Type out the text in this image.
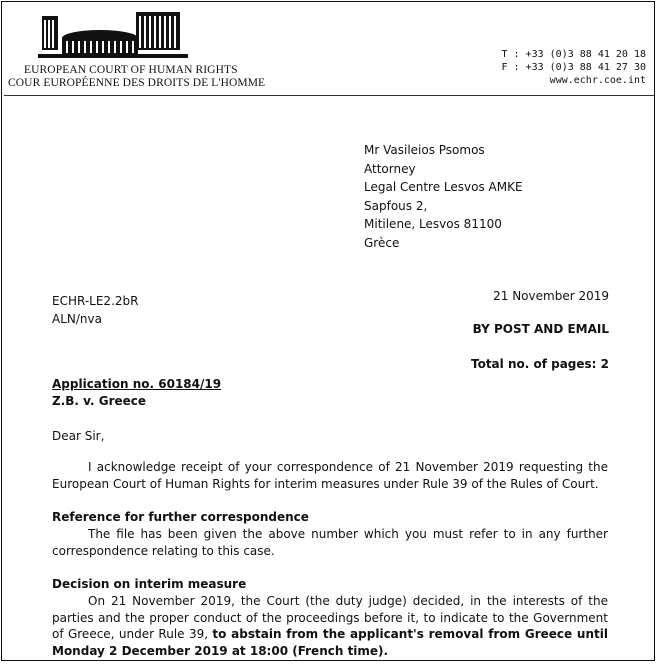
EUROPEAN COURT OF HUMAN RIGHTS
COUR EUROPÉENNE DES DROITS DE L'HOMME
T : +33 (0)3 88 41 20 18
F : +33 (0)3 88 41 27 30
www.echr.coe.int
Mr Vasileios Psomos
Attorney
Legal Centre Lesvos AMKE
Sapfous 2,
Mitilene, Lesvos 81100
Grèce
ECHR-LE2.2bR
ALN/nva
21 November 2019
BY POST AND EMAIL
Total no. of pages: 2
Application no. 60184/19
Z.B. v. Greece
Dear Sir,
I acknowledge receipt of your correspondence of 21 November 2019 requesting the European Court of Human Rights for interim measures under Rule 39 of the Rules of Court.
Reference for further correspondence
The file has been given the above number which you must refer to in any further correspondence relating to this case.
Decision on interim measure
On 21 November 2019, the Court (the duty judge) decided, in the interests of the parties and the proper conduct of the proceedings before it, to indicate to the Government of Greece, under Rule 39, to abstain from the applicant's removal from Greece until Monday 2 December 2019 at 18:00 (French time).
